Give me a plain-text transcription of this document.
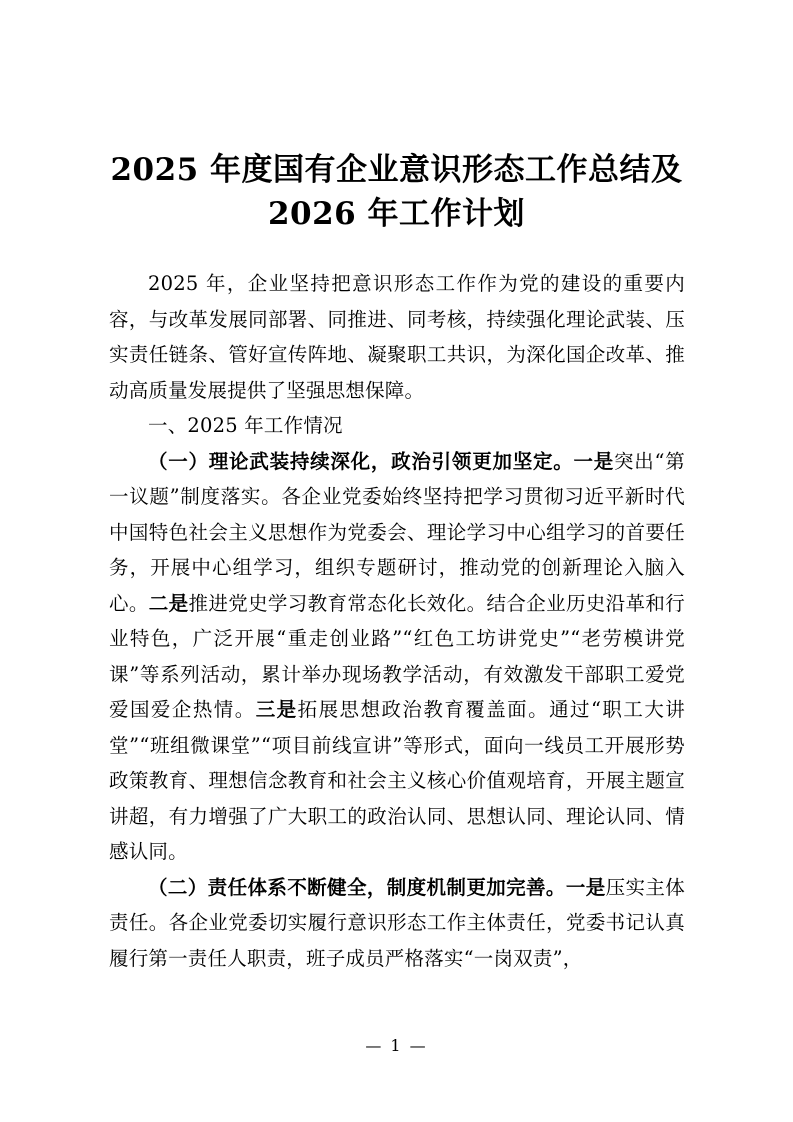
2025 年度国有企业意识形态工作总结及
2026 年工作计划

2025 年，企业坚持把意识形态工作作为党的建设的重要内容，与改革发展同部署、同推进、同考核，持续强化理论武装、压实责任链条、管好宣传阵地、凝聚职工共识，为深化国企改革、推动高质量发展提供了坚强思想保障。

一、2025 年工作情况

（一）理论武装持续深化，政治引领更加坚定。一是突出“第一议题”制度落实。各企业党委始终坚持把学习贯彻习近平新时代中国特色社会主义思想作为党委会、理论学习中心组学习的首要任务，开展中心组学习，组织专题研讨，推动党的创新理论入脑入心。二是推进党史学习教育常态化长效化。结合企业历史沿革和行业特色，广泛开展“重走创业路”“红色工坊讲党史”“老劳模讲党课”等系列活动，累计举办现场教学活动，有效激发干部职工爱党爱国爱企热情。三是拓展思想政治教育覆盖面。通过“职工大讲堂”“班组微课堂”“项目前线宣讲”等形式，面向一线员工开展形势政策教育、理想信念教育和社会主义核心价值观培育，开展主题宣讲超，有力增强了广大职工的政治认同、思想认同、理论认同、情感认同。

（二）责任体系不断健全，制度机制更加完善。一是压实主体责任。各企业党委切实履行意识形态工作主体责任，党委书记认真履行第一责任人职责，班子成员严格落实“一岗双责”，

— 1 —
